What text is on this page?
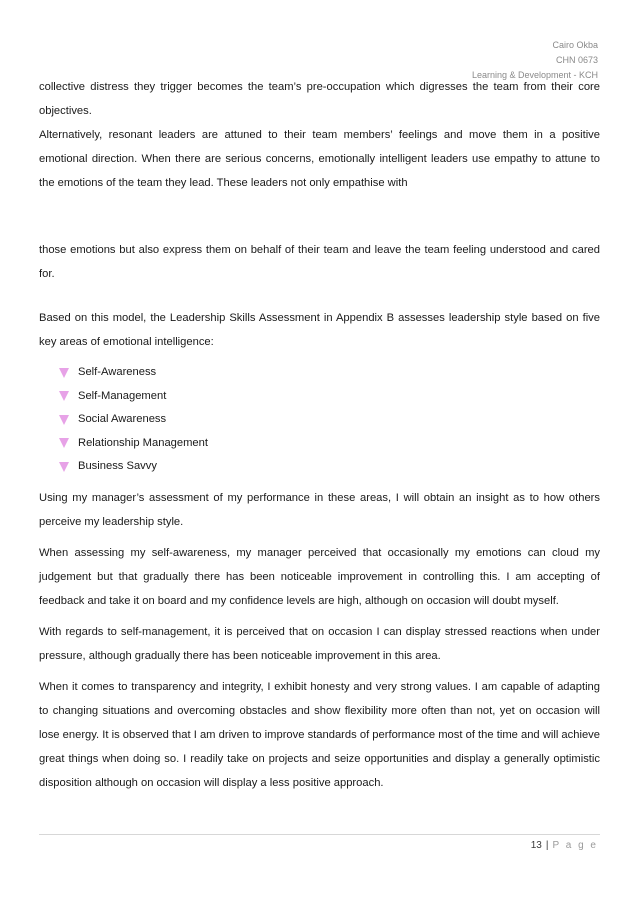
Cairo Okba
CHN 0673
Learning & Development - KCH

collective distress they trigger becomes the team’s pre-occupation which digresses the team from their core objectives.

Alternatively, resonant leaders are attuned to their team members’ feelings and move them in a positive emotional direction. When there are serious concerns, emotionally intelligent leaders use empathy to attune to the emotions of the team they lead. These leaders not only empathise with

those emotions but also express them on behalf of their team and leave the team feeling understood and cared for.

Based on this model, the Leadership Skills Assessment in Appendix B assesses leadership style based on five key areas of emotional intelligence:

Self-Awareness
Self-Management
Social Awareness
Relationship Management
Business Savvy

Using my manager’s assessment of my performance in these areas, I will obtain an insight as to how others perceive my leadership style.

When assessing my self-awareness, my manager perceived that occasionally my emotions can cloud my judgement but that gradually there has been noticeable improvement in controlling this. I am accepting of feedback and take it on board and my confidence levels are high, although on occasion will doubt myself.

With regards to self-management, it is perceived that on occasion I can display stressed reactions when under pressure, although gradually there has been noticeable improvement in this area.

When it comes to transparency and integrity, I exhibit honesty and very strong values. I am capable of adapting to changing situations and overcoming obstacles and show flexibility more often than not, yet on occasion will lose energy. It is observed that I am driven to improve standards of performance most of the time and will achieve great things when doing so. I readily take on projects and seize opportunities and display a generally optimistic disposition although on occasion will display a less positive approach.

13 | P a g e
